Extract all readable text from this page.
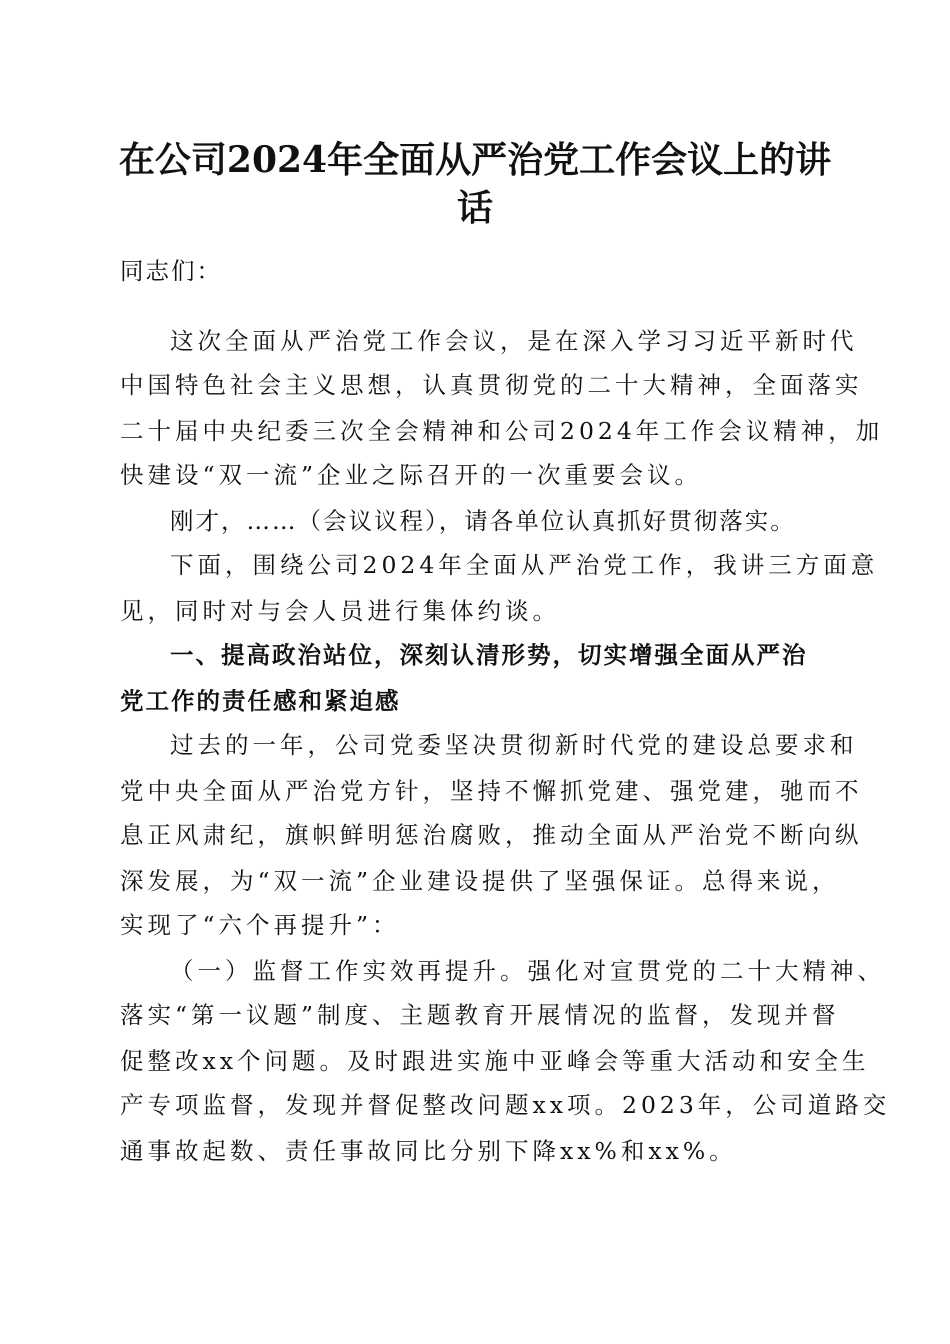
在公司2024年全面从严治党工作会议上的讲
话

同志们：

这次全面从严治党工作会议，是在深入学习习近平新时代

中国特色社会主义思想，认真贯彻党的二十大精神，全面落实

二十届中央纪委三次全会精神和公司2024年工作会议精神，加

快建设“双一流”企业之际召开的一次重要会议。

刚才，……（会议议程），请各单位认真抓好贯彻落实。

下面，围绕公司2024年全面从严治党工作，我讲三方面意

见，同时对与会人员进行集体约谈。

一、提高政治站位，深刻认清形势，切实增强全面从严治

党工作的责任感和紧迫感

过去的一年，公司党委坚决贯彻新时代党的建设总要求和

党中央全面从严治党方针，坚持不懈抓党建、强党建，驰而不

息正风肃纪，旗帜鲜明惩治腐败，推动全面从严治党不断向纵

深发展，为“双一流”企业建设提供了坚强保证。总得来说，

实现了“六个再提升”：

（一）监督工作实效再提升。强化对宣贯党的二十大精神、

落实“第一议题”制度、主题教育开展情况的监督，发现并督

促整改xx个问题。及时跟进实施中亚峰会等重大活动和安全生

产专项监督，发现并督促整改问题xx项。2023年，公司道路交

通事故起数、责任事故同比分别下降xx%和xx%。
